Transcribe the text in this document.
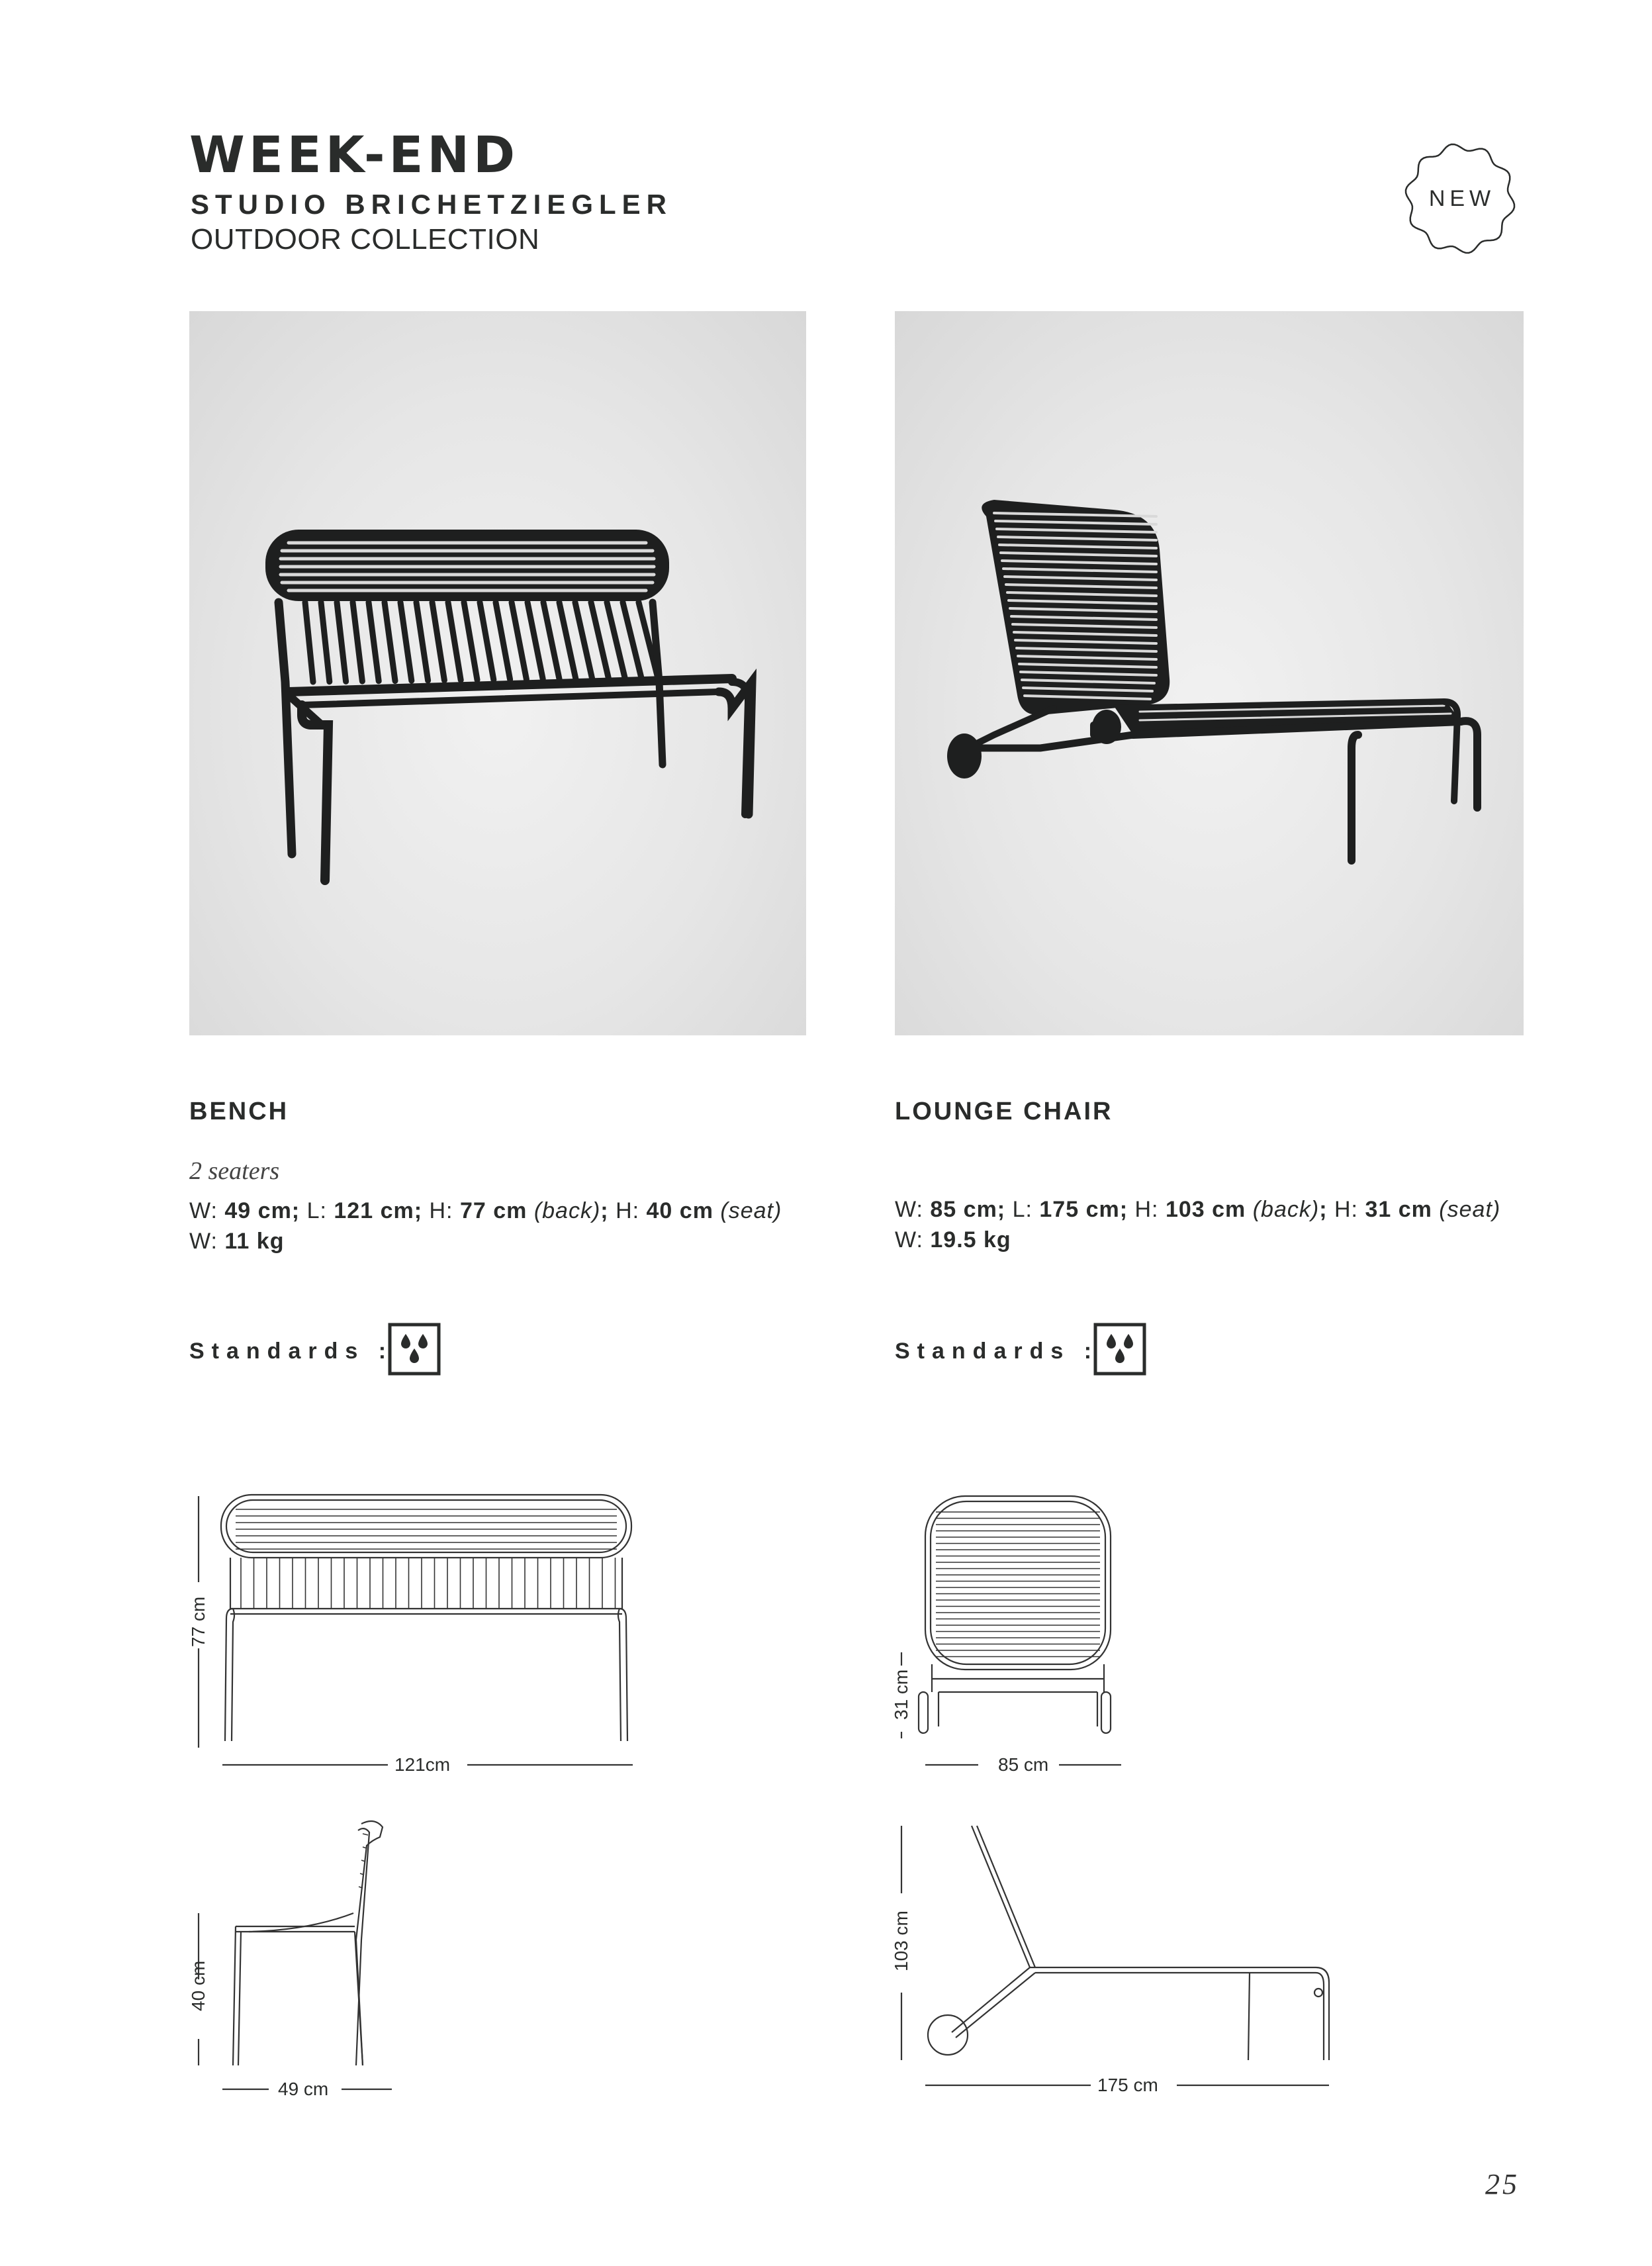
WEEK-END
STUDIO BRICHETZIEGLER
OUTDOOR COLLECTION
NEW
BENCH
2 seaters
W: 49 cm; L: 121 cm; H: 77 cm (back); H: 40 cm (seat)
W: 11 kg
Standards :
LOUNGE CHAIR
W: 85 cm; L: 175 cm; H: 103 cm (back); H: 31 cm (seat)
W: 19.5 kg
Standards :
77 cm
121cm
40 cm
49 cm
31 cm
85 cm
103 cm
175 cm
25
